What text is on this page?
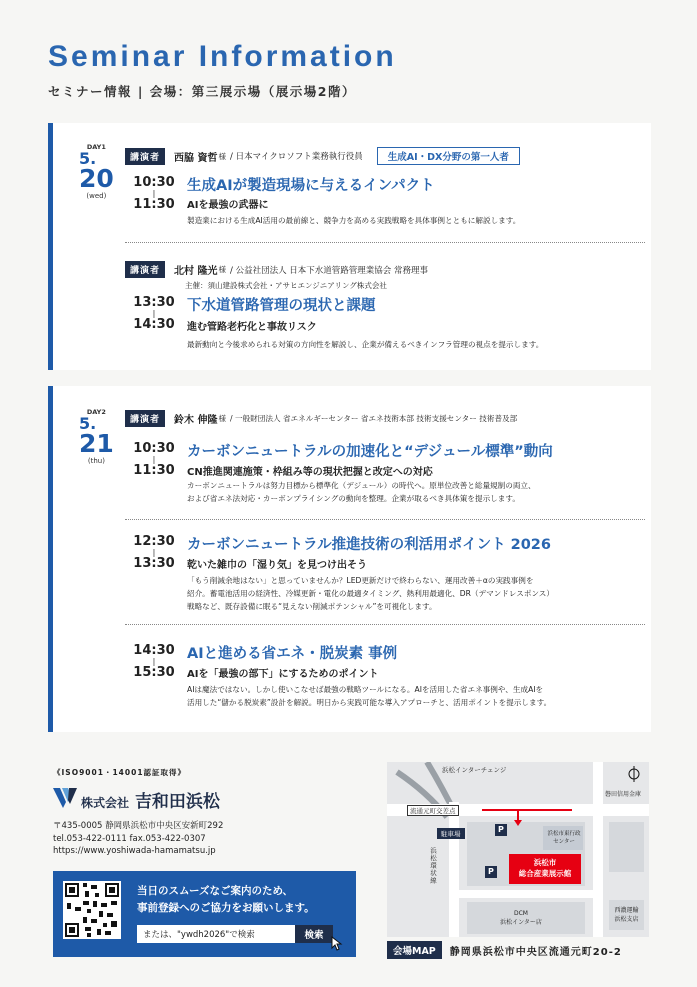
Seminar Information
セミナー情報 | 会場：第三展示場（展示場2階）
DAY1
5.
20
(wed)
講演者	西脇 資哲 様 / 日本マイクロソフト業務執行役員	生成AI・DX分野の第一人者
10:30
|
11:30
生成AIが製造現場に与えるインパクト
AIを最強の武器に
製造業における生成AI活用の最前線と、競争力を高める実践戦略を具体事例とともに解説します。
講演者	北村 隆光 様 / 公益社団法人 日本下水道管路管理業協会 常務理事
主催：須山建設株式会社・アサヒエンジニアリング株式会社
13:30
|
14:30
下水道管路管理の現状と課題
進む管路老朽化と事故リスク
最新動向と今後求められる対策の方向性を解説し、企業が備えるべきインフラ管理の視点を提示します。
DAY2
5.
21
(thu)
講演者	鈴木 伸隆 様 / 一般財団法人 省エネルギーセンター 省エネ技術本部 技術支援センター 技術普及部
10:30
|
11:30
カーボンニュートラルの加速化と“デジュール標準”動向
CN推進関連施策・枠組み等の現状把握と改定への対応
カーボンニュートラルは努力目標から標準化（デジュール）の時代へ。原単位改善と総量規制の両立、
および省エネ法対応・カーボンプライシングの動向を整理。企業が取るべき具体策を提示します。
12:30
|
13:30
カーボンニュートラル推進技術の利活用ポイント 2026
乾いた雑巾の「湿り気」を見つけ出そう
「もう削減余地はない」と思っていませんか？LED更新だけで終わらない、運用改善＋αの実践事例を
紹介。蓄電池活用の経済性、冷媒更新・電化の最適タイミング、熱利用最適化、DR（デマンドレスポンス）
戦略など、既存設備に眠る“見えない削減ポテンシャル”を可視化します。
14:30
|
15:30
AIと進める省エネ・脱炭素 事例
AIを「最強の部下」にするためのポイント
AIは魔法ではない。しかし使いこなせば最強の戦略ツールになる。AIを活用した省エネ事例や、生成AIを
活用した“儲かる脱炭素”設計を解説。明日から実践可能な導入アプローチと、活用ポイントを提示します。
《ISO9001・14001認証取得》
株式会社 吉和田浜松
〒435-0005 静岡県浜松市中央区安新町292
tel.053-422-0111 fax.053-422-0307
https://www.yoshiwada-hamamatsu.jp
当日のスムーズなご案内のため、
事前登録へのご協力をお願いします。
または、"ywdh2026"で検索	検索
浜松インターチェンジ
流通元町交差点
駐車場	P
P
浜松環状線
浜松市東行政センター
浜松市
総合産業展示館
DCM
浜松インター店
西濃運輸
浜松支店
磐田信用金庫
会場MAP	静岡県浜松市中央区流通元町20-2
